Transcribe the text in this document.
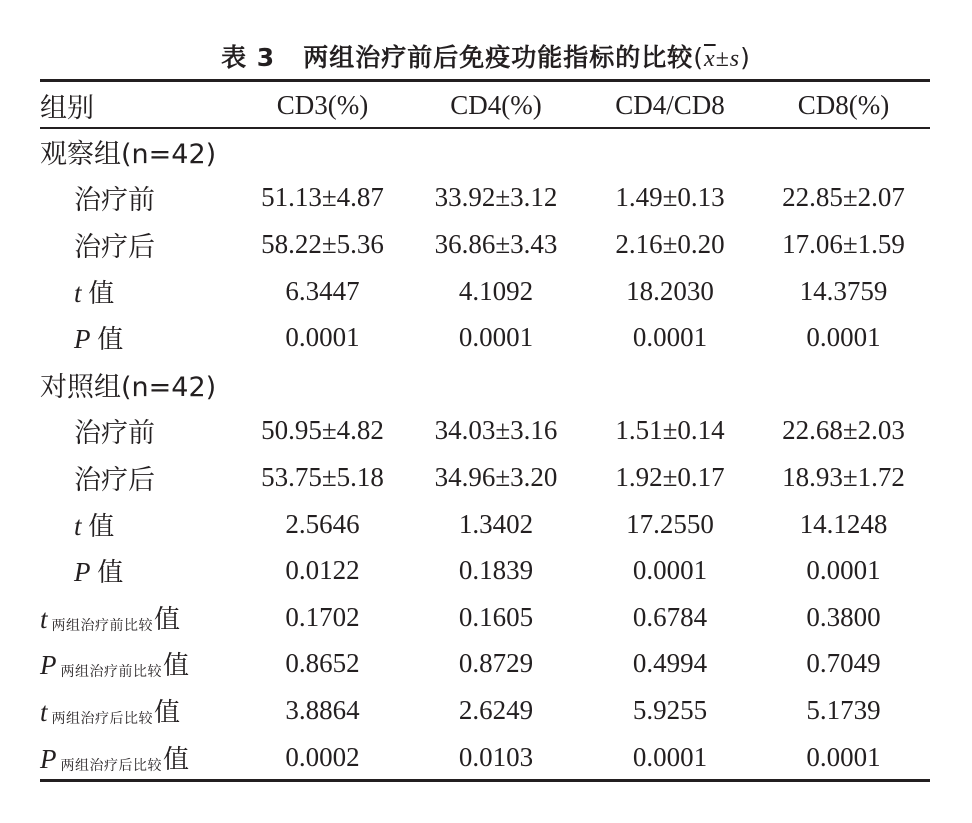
表 3 两组治疗前后免疫功能指标的比较$(\overline{x}\pm s)$
组别	CD3(%)	CD4(%)	CD4/CD8	CD8(%)
观察组(n=42)				
治疗前	51.13±4.87	33.92±3.12	1.49±0.13	22.85±2.07
治疗后	58.22±5.36	36.86±3.43	2.16±0.20	17.06±1.59
t 值	6.3447	4.1092	18.2030	14.3759
P 值	0.0001	0.0001	0.0001	0.0001
对照组(n=42)				
治疗前	50.95±4.82	34.03±3.16	1.51±0.14	22.68±2.03
治疗后	53.75±5.18	34.96±3.20	1.92±0.17	18.93±1.72
t 值	2.5646	1.3402	17.2550	14.1248
P 值	0.0122	0.1839	0.0001	0.0001
t 两组治疗前比较值	0.1702	0.1605	0.6784	0.3800
P 两组治疗前比较值	0.8652	0.8729	0.4994	0.7049
t 两组治疗后比较值	3.8864	2.6249	5.9255	5.1739
P 两组治疗后比较值	0.0002	0.0103	0.0001	0.0001
